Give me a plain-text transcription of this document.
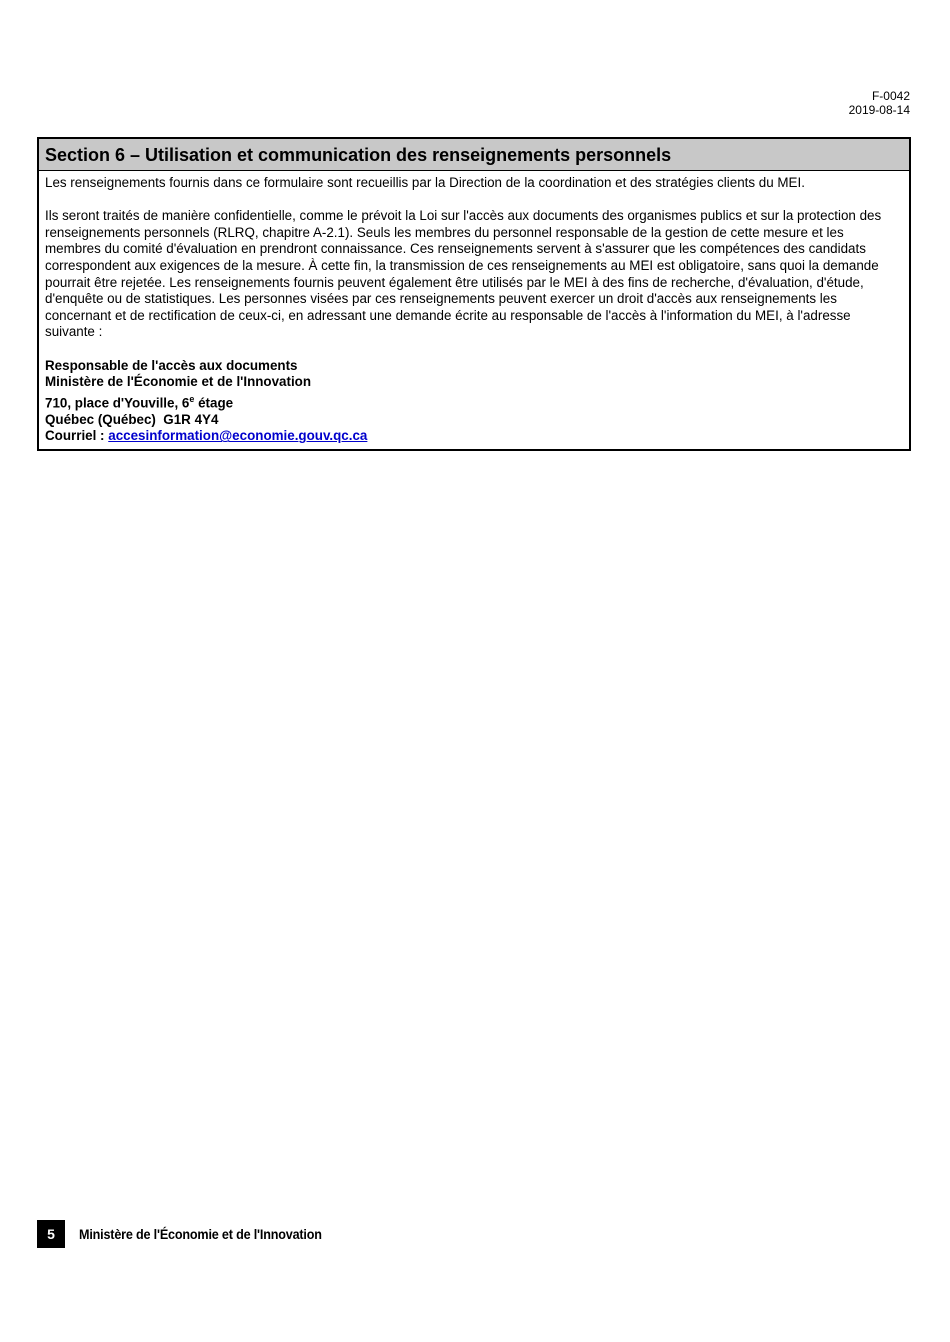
F-0042
2019-08-14
Section 6 – Utilisation et communication des renseignements personnels

Les renseignements fournis dans ce formulaire sont recueillis par la Direction de la coordination et des stratégies clients du MEI.

Ils seront traités de manière confidentielle, comme le prévoit la Loi sur l'accès aux documents des organismes publics et sur la protection des renseignements personnels (RLRQ, chapitre A-2.1). Seuls les membres du personnel responsable de la gestion de cette mesure et les membres du comité d'évaluation en prendront connaissance. Ces renseignements servent à s'assurer que les compétences des candidats correspondent aux exigences de la mesure. À cette fin, la transmission de ces renseignements au MEI est obligatoire, sans quoi la demande pourrait être rejetée. Les renseignements fournis peuvent également être utilisés par le MEI à des fins de recherche, d'évaluation, d'étude, d'enquête ou de statistiques. Les personnes visées par ces renseignements peuvent exercer un droit d'accès aux renseignements les concernant et de rectification de ceux-ci, en adressant une demande écrite au responsable de l'accès à l'information du MEI, à l'adresse suivante :

Responsable de l'accès aux documents
Ministère de l'Économie et de l'Innovation
710, place d'Youville, 6e étage
Québec (Québec)  G1R 4Y4
Courriel : accesinformation@economie.gouv.qc.ca
5	Ministère de l'Économie et de l'Innovation
